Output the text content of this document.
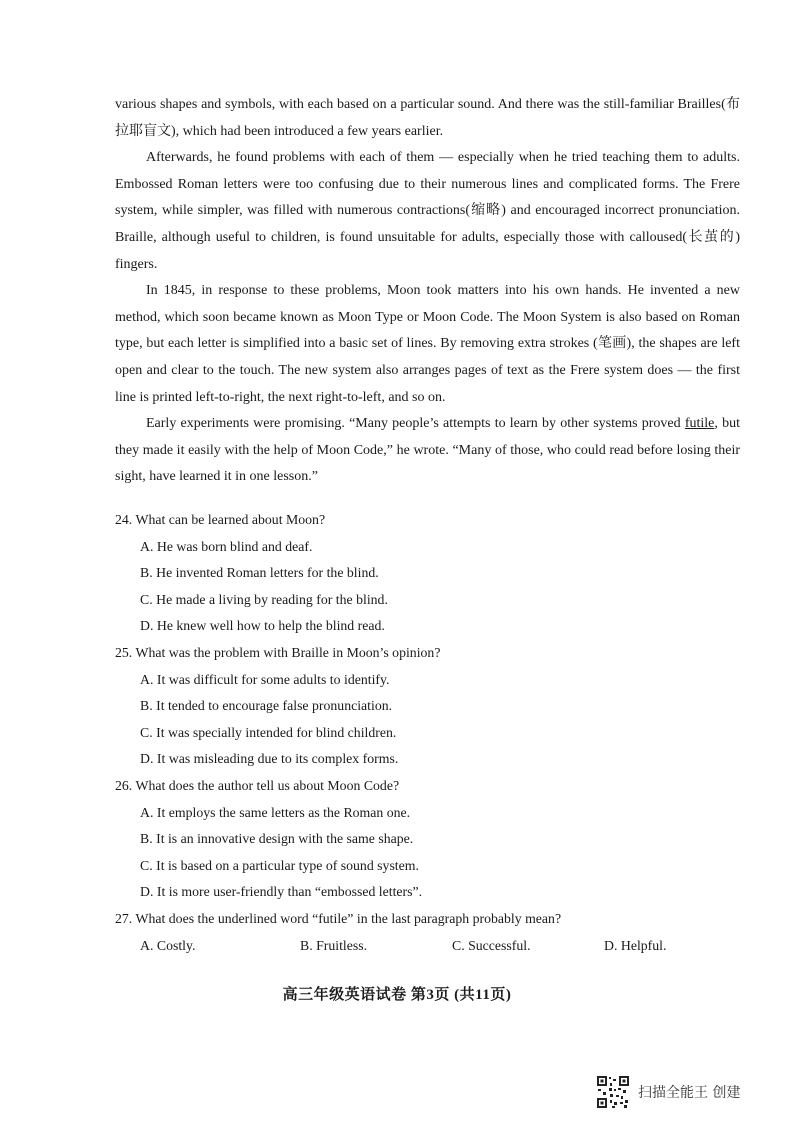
various shapes and symbols, with each based on a particular sound. And there was the still-familiar Brailles(布拉耶盲文), which had been introduced a few years earlier.

Afterwards, he found problems with each of them — especially when he tried teaching them to adults. Embossed Roman letters were too confusing due to their numerous lines and complicated forms. The Frere system, while simpler, was filled with numerous contractions(缩略) and encouraged incorrect pronunciation. Braille, although useful to children, is found unsuitable for adults, especially those with calloused(长茧的) fingers.

In 1845, in response to these problems, Moon took matters into his own hands. He invented a new method, which soon became known as Moon Type or Moon Code. The Moon System is also based on Roman type, but each letter is simplified into a basic set of lines. By removing extra strokes (笔画), the shapes are left open and clear to the touch. The new system also arranges pages of text as the Frere system does — the first line is printed left-to-right, the next right-to-left, and so on.

Early experiments were promising. “Many people’s attempts to learn by other systems proved futile, but they made it easily with the help of Moon Code,” he wrote. “Many of those, who could read before losing their sight, have learned it in one lesson.”

24. What can be learned about Moon?

A. He was born blind and deaf.

B. He invented Roman letters for the blind.

C. He made a living by reading for the blind.

D. He knew well how to help the blind read.

25. What was the problem with Braille in Moon’s opinion?

A. It was difficult for some adults to identify.

B. It tended to encourage false pronunciation.

C. It was specially intended for blind children.

D. It was misleading due to its complex forms.

26. What does the author tell us about Moon Code?

A. It employs the same letters as the Roman one.

B. It is an innovative design with the same shape.

C. It is based on a particular type of sound system.

D. It is more user-friendly than “embossed letters”.

27. What does the underlined word “futile” in the last paragraph probably mean?

A. Costly.	B. Fruitless.	C. Successful.	D. Helpful.
高三年级英语试卷 第3页 (共11页)
扫描全能王 创建
